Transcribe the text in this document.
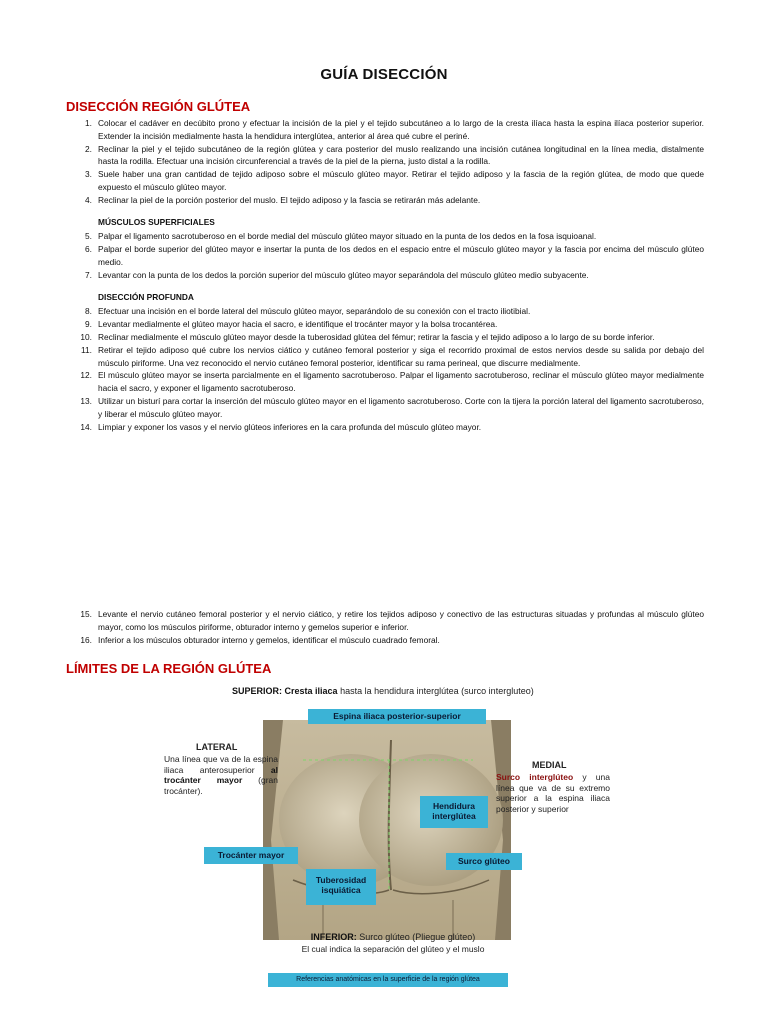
GUÍA DISECCIÓN
DISECCIÓN REGIÓN GLÚTEA
1. Colocar el cadáver en decúbito prono y efectuar la incisión de la piel y el tejido subcutáneo a lo largo de la cresta ilíaca hasta la espina ilíaca posterior superior. Extender la incisión medialmente hasta la hendidura interglútea, anterior al área qué cubre el periné.
2. Reclinar la piel y el tejido subcutáneo de la región glútea y cara posterior del muslo realizando una incisión cutánea longitudinal en la línea media, distalmente hasta la rodilla. Efectuar una incisión circunferencial a través de la piel de la pierna, justo distal a la rodilla.
3. Suele haber una gran cantidad de tejido adiposo sobre el músculo glúteo mayor. Retirar el tejido adiposo y la fascia de la región glútea, de modo que quede expuesto el músculo glúteo mayor.
4. Reclinar la piel de la porción posterior del muslo. El tejido adiposo y la fascia se retirarán más adelante.
MÚSCULOS SUPERFICIALES
5. Palpar el ligamento sacrotuberoso en el borde medial del músculo glúteo mayor situado en la punta de los dedos en la fosa isquioanal.
6. Palpar el borde superior del glúteo mayor e insertar la punta de los dedos en el espacio entre el músculo glúteo mayor y la fascia por encima del músculo glúteo medio.
7. Levantar con la punta de los dedos la porción superior del músculo glúteo mayor separándola del músculo glúteo medio subyacente.
DISECCIÓN PROFUNDA
8. Efectuar una incisión en el borde lateral del músculo glúteo mayor, separándolo de su conexión con el tracto iliotibial.
9. Levantar medialmente el glúteo mayor hacia el sacro, e identifique el trocánter mayor y la bolsa trocantérea.
10. Reclinar medialmente el músculo glúteo mayor desde la tuberosidad glútea del fémur; retirar la fascia y el tejido adiposo a lo largo de su borde inferior.
11. Retirar el tejido adiposo qué cubre los nervios ciático y cutáneo femoral posterior y siga el recorrido proximal de estos nervios desde su salida por debajo del músculo piriforme. Una vez reconocido el nervio cutáneo femoral posterior, identificar su rama perineal, que discurre medialmente.
12. El músculo glúteo mayor se inserta parcialmente en el ligamento sacrotuberoso. Palpar el ligamento sacrotuberoso, reclinar el músculo glúteo mayor medialmente hacia el sacro, y exponer el ligamento sacrotuberoso.
13. Utilizar un bisturí para cortar la inserción del músculo glúteo mayor en el ligamento sacrotuberoso. Corte con la tijera la porción lateral del ligamento sacrotuberoso, y liberar el músculo glúteo mayor.
14. Limpiar y exponer los vasos y el nervio glúteos inferiores en la cara profunda del músculo glúteo mayor.
15. Levante el nervio cutáneo femoral posterior y el nervio ciático, y retire los tejidos adiposo y conectivo de las estructuras situadas y profundas al músculo glúteo mayor, como los músculos piriforme, obturador interno y gemelos superior e inferior.
16. Inferior a los músculos obturador interno y gemelos, identificar el músculo cuadrado femoral.
LÍMITES DE LA REGIÓN GLÚTEA
SUPERIOR: Cresta iliaca hasta la hendidura interglútea (surco intergluteo)
Espina iliaca posterior-superior
Hendidura interglútea
Trocánter mayor
Surco glúteo
Tuberosidad isquiática
LATERAL
Una línea que va de la espina iliaca anterosuperior al trocánter mayor (gran trocánter).
MEDIAL
Surco interglúteo y una línea que va de su extremo superior a la espina iliaca posterior y superior
INFERIOR: Surco glúteo (Pliegue glúteo)
El cual indica la separación del glúteo y el muslo
Referencias anatómicas en la superficie de la región glútea
